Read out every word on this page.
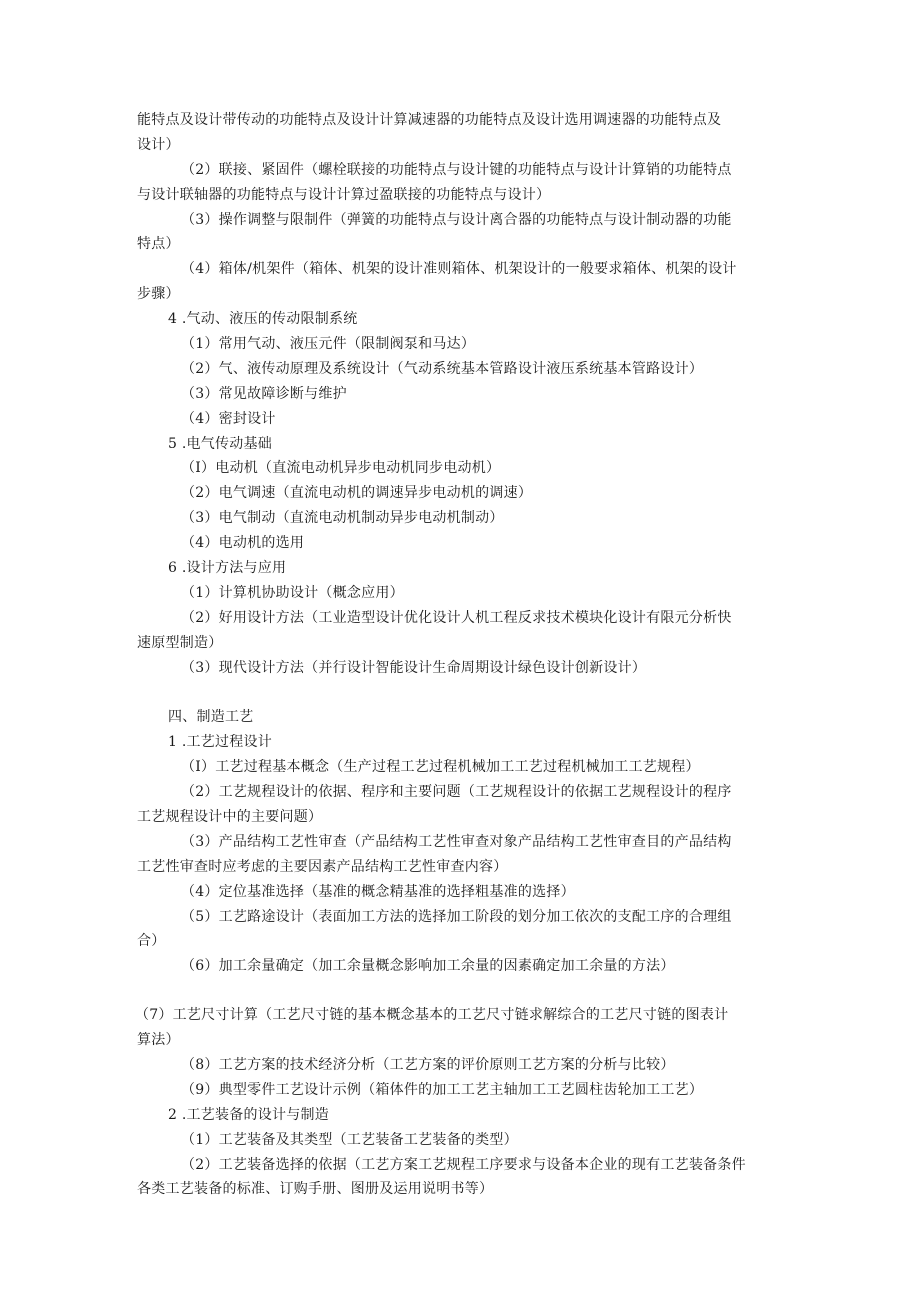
能特点及设计带传动的功能特点及设计计算减速器的功能特点及设计选用调速器的功能特点及
设计）
（2）联接、紧固件（螺栓联接的功能特点与设计键的功能特点与设计计算销的功能特点
与设计联轴器的功能特点与设计计算过盈联接的功能特点与设计）
（3）操作调整与限制件（弹簧的功能特点与设计离合器的功能特点与设计制动器的功能
特点）
（4）箱体/机架件（箱体、机架的设计准则箱体、机架设计的一般要求箱体、机架的设计
步骤）
4 .气动、液压的传动限制系统
（1）常用气动、液压元件（限制阀泵和马达）
（2）气、液传动原理及系统设计（气动系统基本管路设计液压系统基本管路设计）
（3）常见故障诊断与维护
（4）密封设计
5 .电气传动基础
（I）电动机（直流电动机异步电动机同步电动机）
（2）电气调速（直流电动机的调速异步电动机的调速）
（3）电气制动（直流电动机制动异步电动机制动）
（4）电动机的选用
6 .设计方法与应用
（1）计算机协助设计（概念应用）
（2）好用设计方法（工业造型设计优化设计人机工程反求技术模块化设计有限元分析快
速原型制造）
（3）现代设计方法（并行设计智能设计生命周期设计绿色设计创新设计）
四、制造工艺
1 .工艺过程设计
（I）工艺过程基本概念（生产过程工艺过程机械加工工艺过程机械加工工艺规程）
（2）工艺规程设计的依据、程序和主要问题（工艺规程设计的依据工艺规程设计的程序
工艺规程设计中的主要问题）
（3）产品结构工艺性审查（产品结构工艺性审查对象产品结构工艺性审查目的产品结构
工艺性审查时应考虑的主要因素产品结构工艺性审查内容）
（4）定位基准选择（基准的概念精基准的选择粗基准的选择）
（5）工艺路途设计（表面加工方法的选择加工阶段的划分加工依次的支配工序的合理组
合）
（6）加工余量确定（加工余量概念影响加工余量的因素确定加工余量的方法）
（7）工艺尺寸计算（工艺尺寸链的基本概念基本的工艺尺寸链求解综合的工艺尺寸链的图表计
算法）
（8）工艺方案的技术经济分析（工艺方案的评价原则工艺方案的分析与比较）
（9）典型零件工艺设计示例（箱体件的加工工艺主轴加工工艺圆柱齿轮加工工艺）
2 .工艺装备的设计与制造
（1）工艺装备及其类型（工艺装备工艺装备的类型）
（2）工艺装备选择的依据（工艺方案工艺规程工序要求与设备本企业的现有工艺装备条件
各类工艺装备的标准、订购手册、图册及运用说明书等）
